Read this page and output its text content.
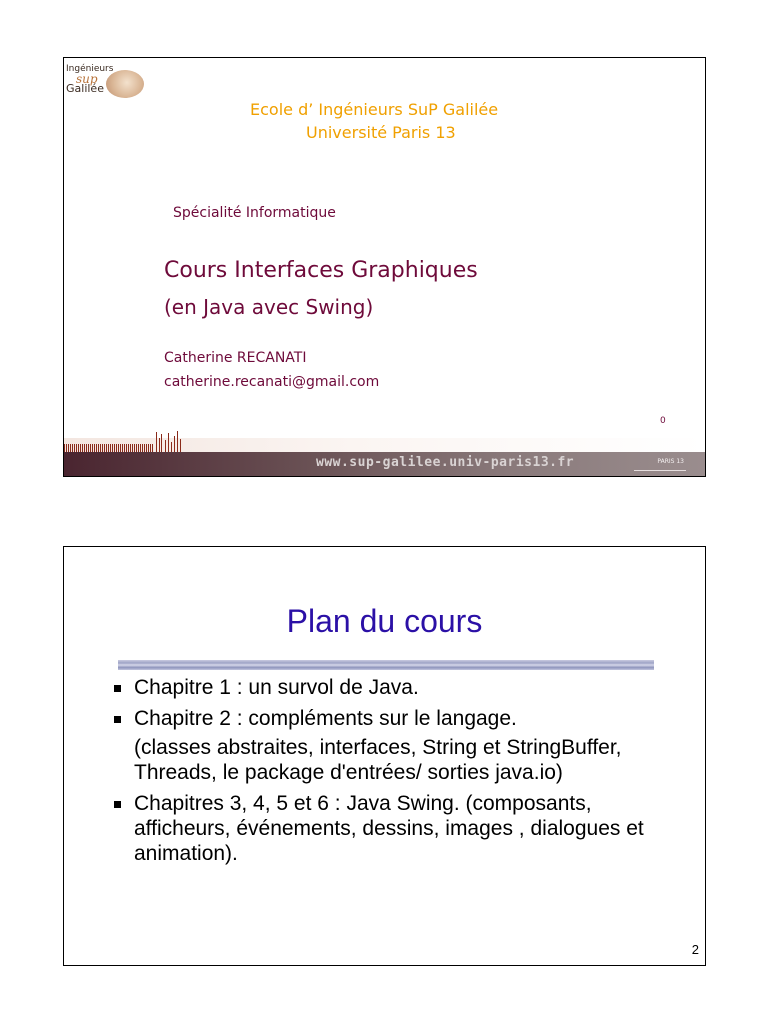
Ingénieurs
sup
Galilée
Ecole d’ Ingénieurs SuP Galilée
Université Paris 13
Spécialité Informatique
Cours Interfaces Graphiques
(en Java avec Swing)
Catherine RECANATI
catherine.recanati@gmail.com
0
www.sup-galilee.univ-paris13.fr	PARIS 13
Plan du cours
Chapitre 1 : un survol de Java.
Chapitre 2 : compléments sur le langage.
(classes abstraites, interfaces, String et StringBuffer, Threads, le package d'entrées/ sorties java.io)
Chapitres 3, 4, 5 et 6 : Java Swing. (composants, afficheurs, événements, dessins, images , dialogues et animation).
2
